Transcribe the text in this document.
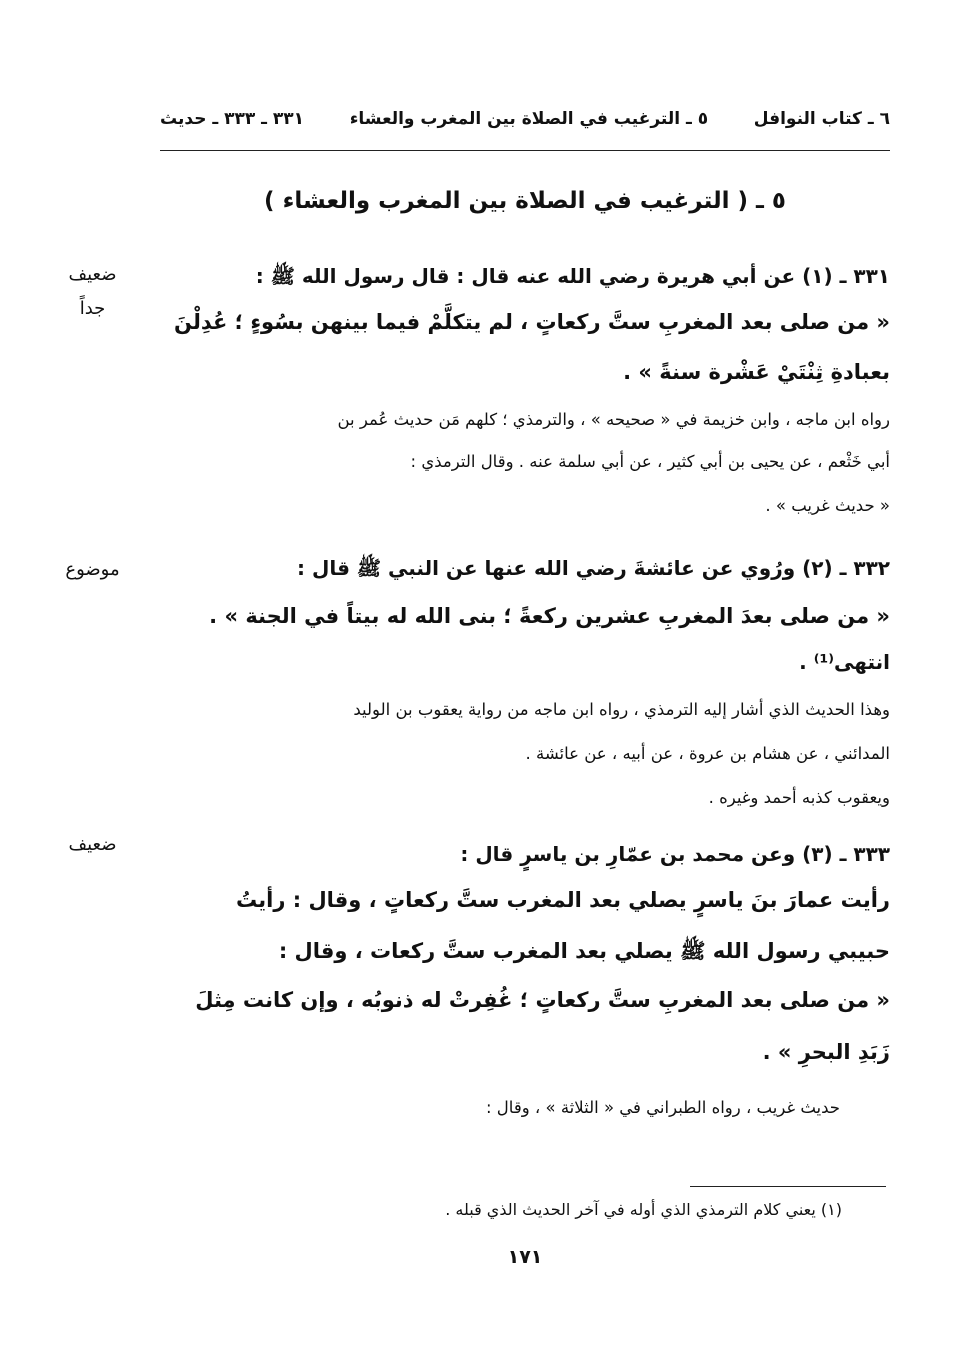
٦ ـ كتاب النوافل
٥ ـ الترغيب في الصلاة بين المغرب والعشاء
٣٣١ ـ ٣٣٣ ـ حديث
٥ ـ ( الترغيب في الصلاة بين المغرب والعشاء )
ضعيف
جداً
٣٣١ ـ (١) عن أبي هريرة رضي الله عنه قال : قال رسول الله ﷺ :
« من صلى بعد المغربِ ستَّ ركعاتٍ ، لم يتكلَّمْ فيما بينهن بسُوءٍ ؛ عُدِلْنَ
بعبادةِ ثِنْتَيْ عَشْرة سنةً » .
رواه ابن ماجه ، وابن خزيمة في « صحيحه » ، والترمذي ؛ كلهم مَن حديث عُمر بن
أبي خَثْعم ، عن يحيى بن أبي كثير ، عن أبي سلمة عنه . وقال الترمذي :
« حديث غريب » .
موضوع	٣٣٢ ـ (٢) ورُوي عن عائشةَ رضي الله عنها عن النبي ﷺ قال :
« من صلى بعدَ المغربِ عشرين ركعةً ؛ بنى الله له بيتاً في الجنة » .
انتهى⁽¹⁾ .
وهذا الحديث الذي أشار إليه الترمذي ، رواه ابن ماجه من رواية يعقوب بن الوليد
المدائني ، عن هشام بن عروة ، عن أبيه ، عن عائشة .
ويعقوب كذبه أحمد وغيره .
ضعيف	٣٣٣ ـ (٣) وعن محمد بن عمّارِ بن ياسرٍ قال :
رأيت عمارَ بنَ ياسرٍ يصلي بعد المغرب ستَّ ركعاتٍ ، وقال : رأيتُ
حبيبي رسول الله ﷺ يصلي بعد المغرب ستَّ ركعات ، وقال :
« من صلى بعد المغربِ ستَّ ركعاتٍ ؛ غُفِرتْ له ذنوبُه ، وإن كانت مِثلَ
زَبَدِ البحرِ » .
حديث غريب ، رواه الطبراني في « الثلاثة » ، وقال :
(١) يعني كلام الترمذي الذي أوله في آخر الحديث الذي قبله .
١٧١
